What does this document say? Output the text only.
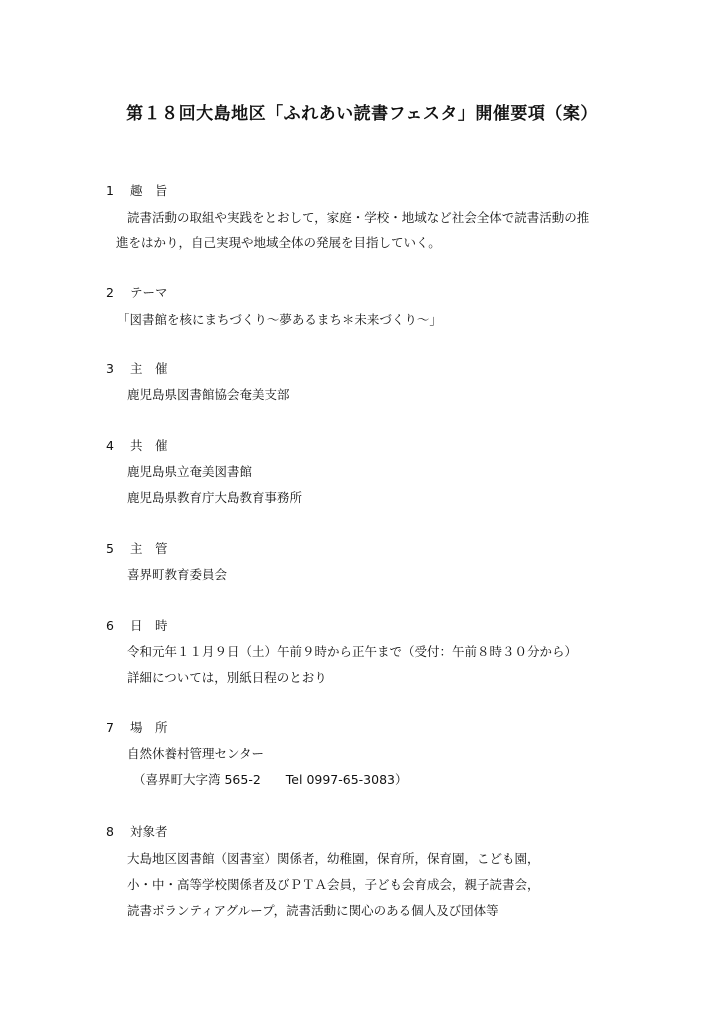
第１８回大島地区「ふれあい読書フェスタ」開催要項（案）
1 趣　旨
読書活動の取組や実践をとおして，家庭・学校・地域など社会全体で読書活動の推
進をはかり，自己実現や地域全体の発展を目指していく。
2 テーマ
「図書館を核にまちづくり～夢あるまち＊未来づくり～」
3 主　催
鹿児島県図書館協会奄美支部
4 共　催
鹿児島県立奄美図書館
鹿児島県教育庁大島教育事務所
5 主　管
喜界町教育委員会
6 日　時
令和元年１１月９日（土）午前９時から正午まで（受付：午前８時３０分から）
詳細については，別紙日程のとおり
7 場　所
自然休養村管理センター
（喜界町大字湾 565-2　　Tel 0997-65-3083）
8 対象者
大島地区図書館（図書室）関係者，幼稚園，保育所，保育園，こども園，
小・中・高等学校関係者及びＰＴＡ会員，子ども会育成会，親子読書会，
読書ボランティアグループ，読書活動に関心のある個人及び団体等
